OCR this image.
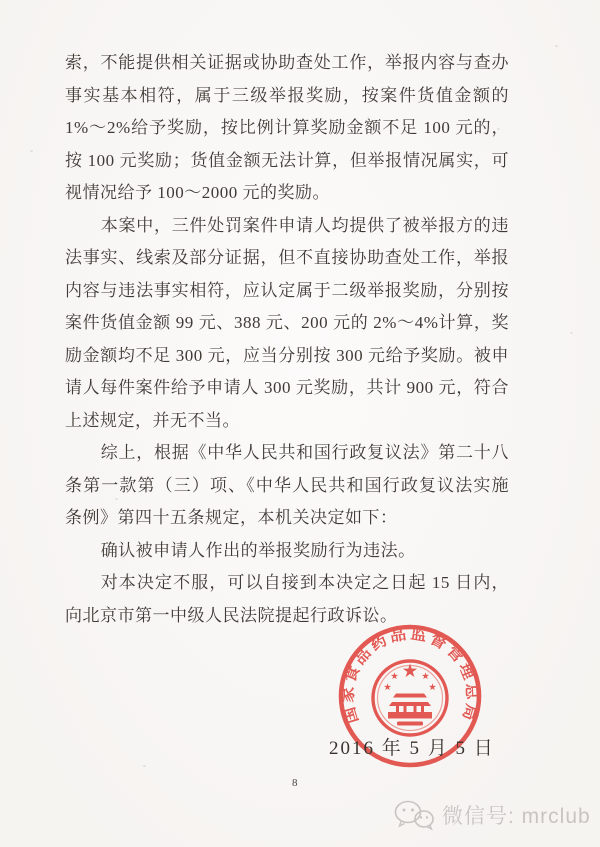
索，不能提供相关证据或协助查处工作，举报内容与查办事实基本相符，属于三级举报奖励，按案件货值金额的 1%～2%给予奖励，按比例计算奖励金额不足 100 元的，按 100 元奖励；货值金额无法计算，但举报情况属实，可视情况给予 100～2000 元的奖励。

本案中，三件处罚案件申请人均提供了被举报方的违法事实、线索及部分证据，但不直接协助查处工作，举报内容与违法事实相符，应认定属于二级举报奖励，分别按案件货值金额 99 元、388 元、200 元的 2%～4%计算，奖励金额均不足 300 元，应当分别按 300 元给予奖励。被申请人每件案件给予申请人 300 元奖励，共计 900 元，符合上述规定，并无不当。

综上，根据《中华人民共和国行政复议法》第二十八条第一款第（三）项、《中华人民共和国行政复议法实施条例》第四十五条规定，本机关决定如下：

确认被申请人作出的举报奖励行为违法。

对本决定不服，可以自接到本决定之日起 15 日内，向北京市第一中级人民法院提起行政诉讼。

国家食品药品监督管理总局
2016 年 5 月 5 日
8
微信号: mrclub
